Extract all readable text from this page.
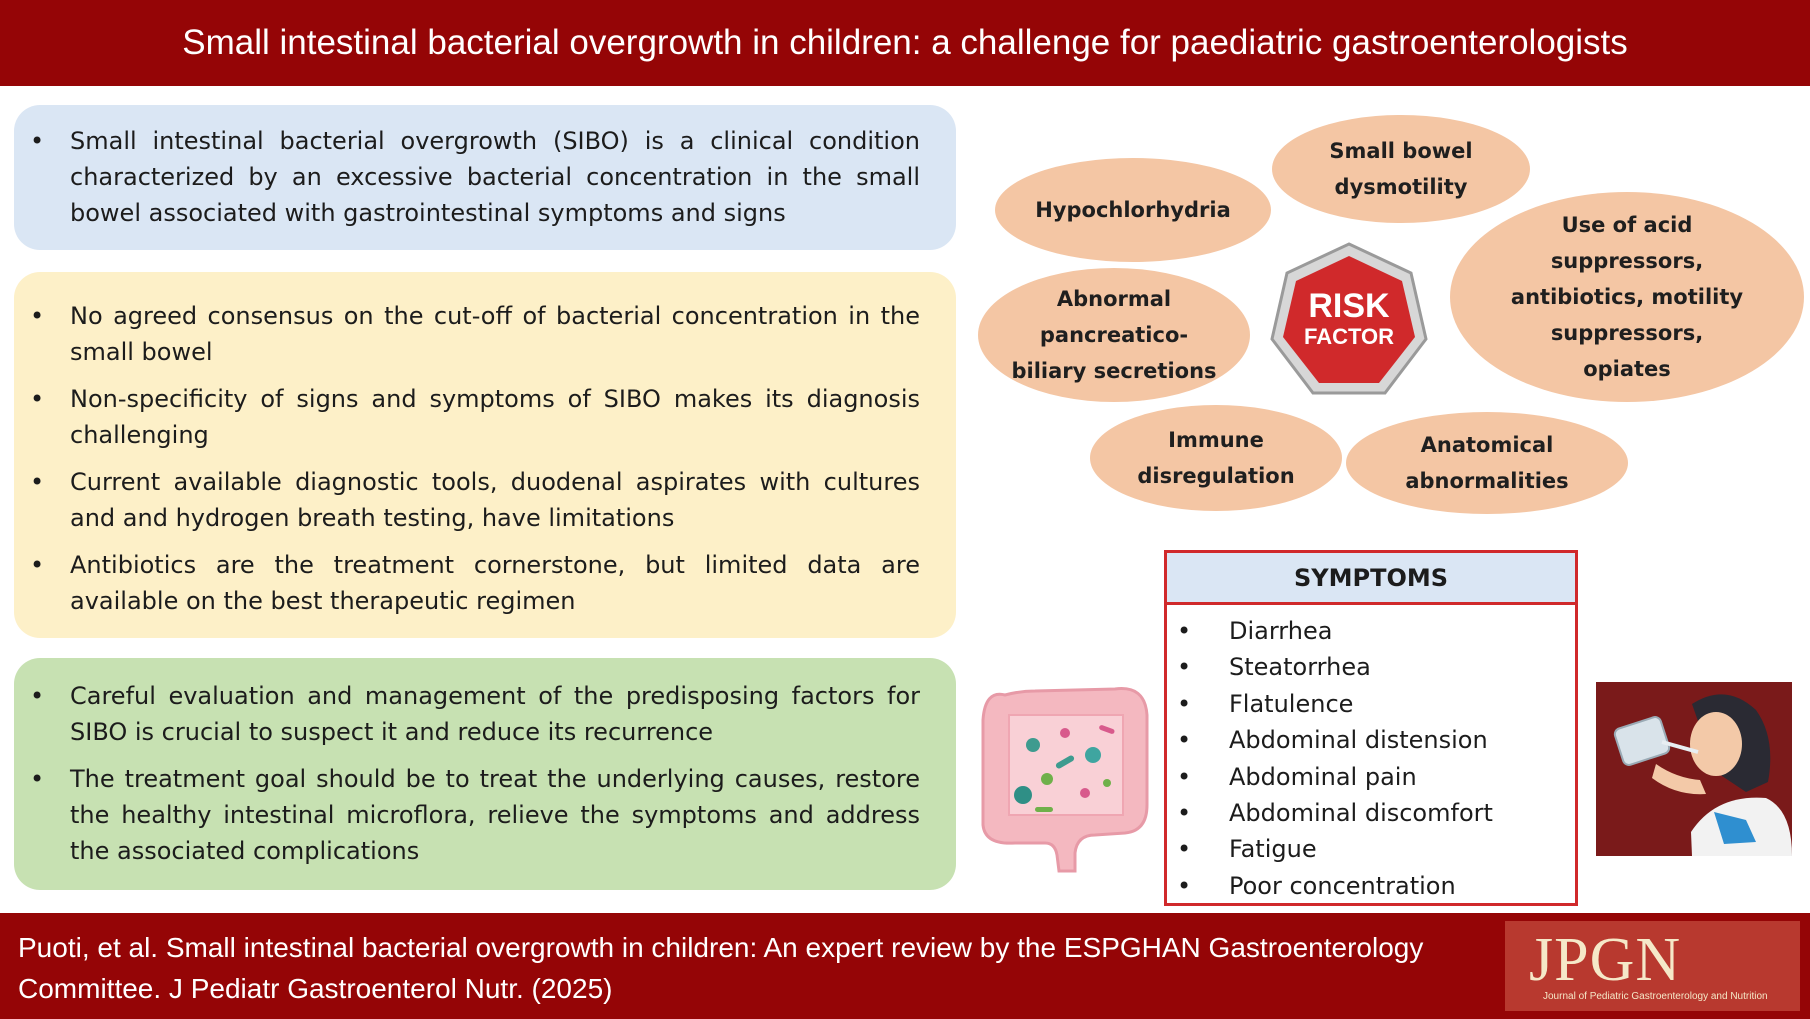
Small intestinal bacterial overgrowth in children: a challenge for paediatric gastroenterologists
• Small intestinal bacterial overgrowth (SIBO) is a clinical condition characterized by an excessive bacterial concentration in the small bowel associated with gastrointestinal symptoms and signs
• No agreed consensus on the cut-off of bacterial concentration in the small bowel
• Non-specificity of signs and symptoms of SIBO makes its diagnosis challenging
• Current available diagnostic tools, duodenal aspirates with cultures and and hydrogen breath testing, have limitations
• Antibiotics are the treatment cornerstone, but limited data are available on the best therapeutic regimen
• Careful evaluation and management of the predisposing factors for SIBO is crucial to suspect it and reduce its recurrence
• The treatment goal should be to treat the underlying causes, restore the healthy intestinal microflora, relieve the symptoms and address the associated complications
Hypochlorhydria
Small bowel dysmotility
Use of acid suppressors, antibiotics, motility suppressors, opiates
Abnormal pancreatico-biliary secretions
Immune disregulation
Anatomical abnormalities
RISK
FACTOR
SYMPTOMS
• Diarrhea
• Steatorrhea
• Flatulence
• Abdominal distension
• Abdominal pain
• Abdominal discomfort
• Fatigue
• Poor concentration
Puoti, et al. Small intestinal bacterial overgrowth in children: An expert review by the ESPGHAN Gastroenterology Committee. J Pediatr Gastroenterol Nutr. (2025)	JPGN
Journal of Pediatric Gastroenterology and Nutrition
